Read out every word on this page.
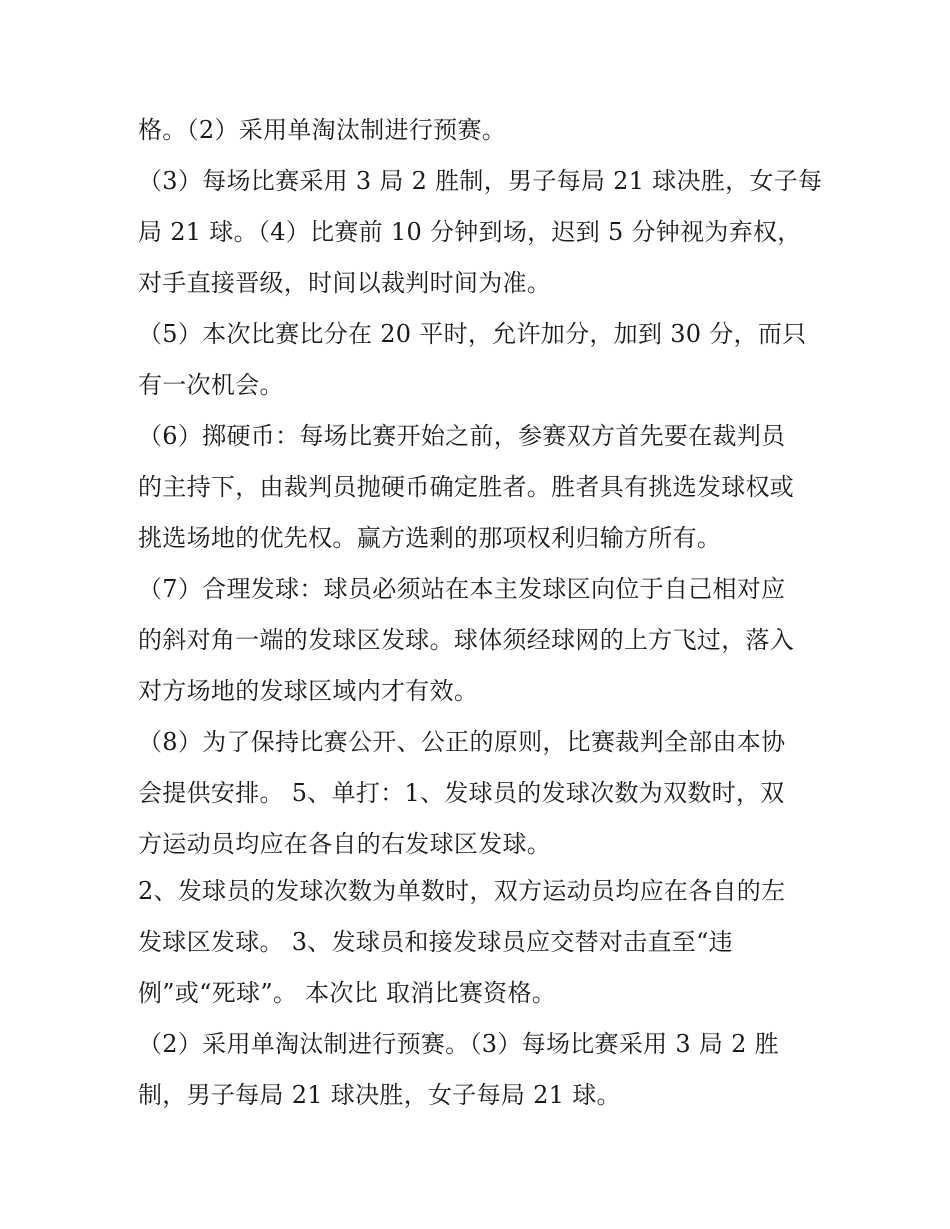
格。（2）采用单淘汰制进行预赛。
（3）每场比赛采用 3 局 2 胜制，男子每局 21 球决胜，女子每
局 21 球。（4）比赛前 10 分钟到场，迟到 5 分钟视为弃权，
对手直接晋级，时间以裁判时间为准。
（5）本次比赛比分在 20 平时，允许加分，加到 30 分，而只
有一次机会。
（6）掷硬币：每场比赛开始之前，参赛双方首先要在裁判员
的主持下，由裁判员抛硬币确定胜者。胜者具有挑选发球权或
挑选场地的优先权。赢方选剩的那项权利归输方所有。
（7）合理发球：球员必须站在本主发球区向位于自己相对应
的斜对角一端的发球区发球。球体须经球网的上方飞过，落入
对方场地的发球区域内才有效。
（8）为了保持比赛公开、公正的原则，比赛裁判全部由本协
会提供安排。 5、单打：1、发球员的发球次数为双数时，双
方运动员均应在各自的右发球区发球。
2、发球员的发球次数为单数时，双方运动员均应在各自的左
发球区发球。 3、发球员和接发球员应交替对击直至“违
例”或“死球”。 本次比 取消比赛资格。
（2）采用单淘汰制进行预赛。（3）每场比赛采用 3 局 2 胜
制，男子每局 21 球决胜，女子每局 21 球。
